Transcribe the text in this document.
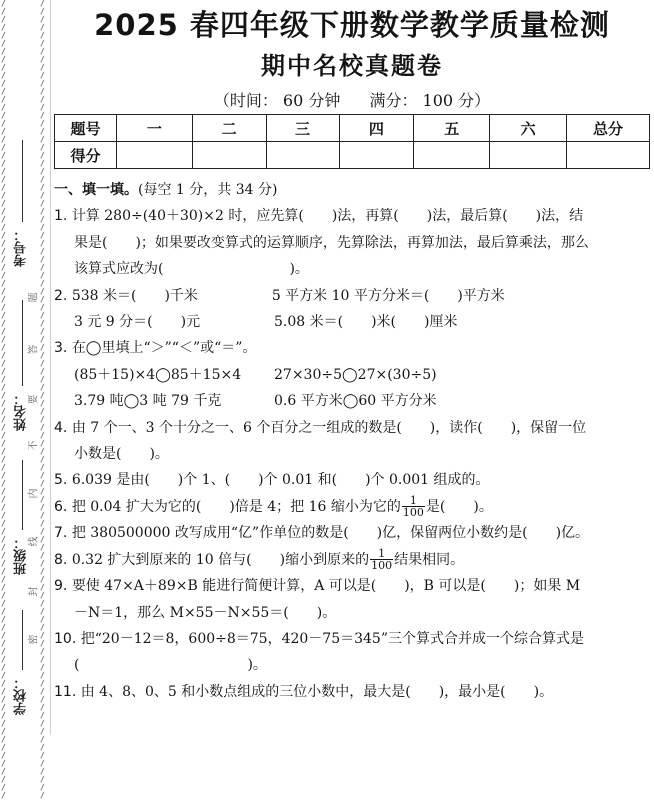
/
/
/
/
/
/
/
/
/
/
/
/
/
/
/
/
/
/
/
/
/
/
/
/
/
/
/
/
/
/
/
/
/
/
/
/
/
/
/
/
/
/
/
/
/
/
/
/
/
/
/
/
/
/
/
/
/
/
/
/
/
/
/
/
/
/
/
/
/
/
/
/
/
/
/
/
/
/
/
/
/
/
/
/
/
/
/
/
/
/
/
/
/
/
/
/
/
/
/
/
/
/
/
/
/
/
/
/
/
/
/
/
/
/
/
/
/
/
/
/
/
/
/
/
/
/
/
/
/
/
/
/
/
/
/
/
/
/
/
/
/
/
/
/
/
/
/
/
/
/
/
/
/
/
/
/
/
/
/
/
/
/
/
/
/
/
/
/
/
/
/
/
/
/
/
/
/
/
/
/
/
/
/
/
/
/
/
/
/
/
/
/
/
/
/
/
/
/
/
/
学校：
班级：
姓名：
考号：
题
答
要
不
内
线
封
密
2025 春四年级下册数学教学质量检测
期中名校真题卷
（时间： 60 分钟 满分： 100 分）
题号	一	二	三	四	五	六	总分
得分							

一、填一填。(每空 1 分，共 34 分)

1. 计算 280÷(40＋30)×2 时，应先算(　　)法，再算(　　)法，最后算(　　)法，结

果是(　　)；如果要改变算式的运算顺序，先算除法，再算加法，最后算乘法，那么

该算式应改为(　　　　　　　　　)。

2. 538 米＝(　　)千米	5 平方米 10 平方分米＝(　　)平方米

3 元 9 分＝(　　)元	5.08 米＝(　　)米(　　)厘米

3. 在◯里填上“＞”“＜”或“＝”。

(85＋15)×4◯85＋15×4 27×30÷5◯27×(30÷5)

3.79 吨◯3 吨 79 千克	0.6 平方米◯60 平方分米

4. 由 7 个一、3 个十分之一、6 个百分之一组成的数是(　　)，读作(　　)，保留一位

小数是(　　)。

5. 6.039 是由(　　)个 1、(　　)个 0.01 和(　　)个 0.001 组成的。

6. 把 0.04 扩大为它的(　　)倍是 4；把 16 缩小为它的 $\frac{1}{100}$ 是(　　)。

7. 把 380500000 改写成用“亿”作单位的数是(　　)亿，保留两位小数约是(　　)亿。

8. 0.32 扩大到原来的 10 倍与(　　)缩小到原来的 $\frac{1}{100}$ 结果相同。

9. 要使 47×A＋89×B 能进行简便计算，A 可以是(　　)，B 可以是(　　)；如果 M

－N＝1，那么 M×55－N×55＝(　　)。

10. 把“20－12＝8，600÷8＝75，420－75＝345”三个算式合并成一个综合算式是

(　　　　　　　　　　　　)。

11. 由 4、8、0、5 和小数点组成的三位小数中，最大是(　　)，最小是(　　)。
